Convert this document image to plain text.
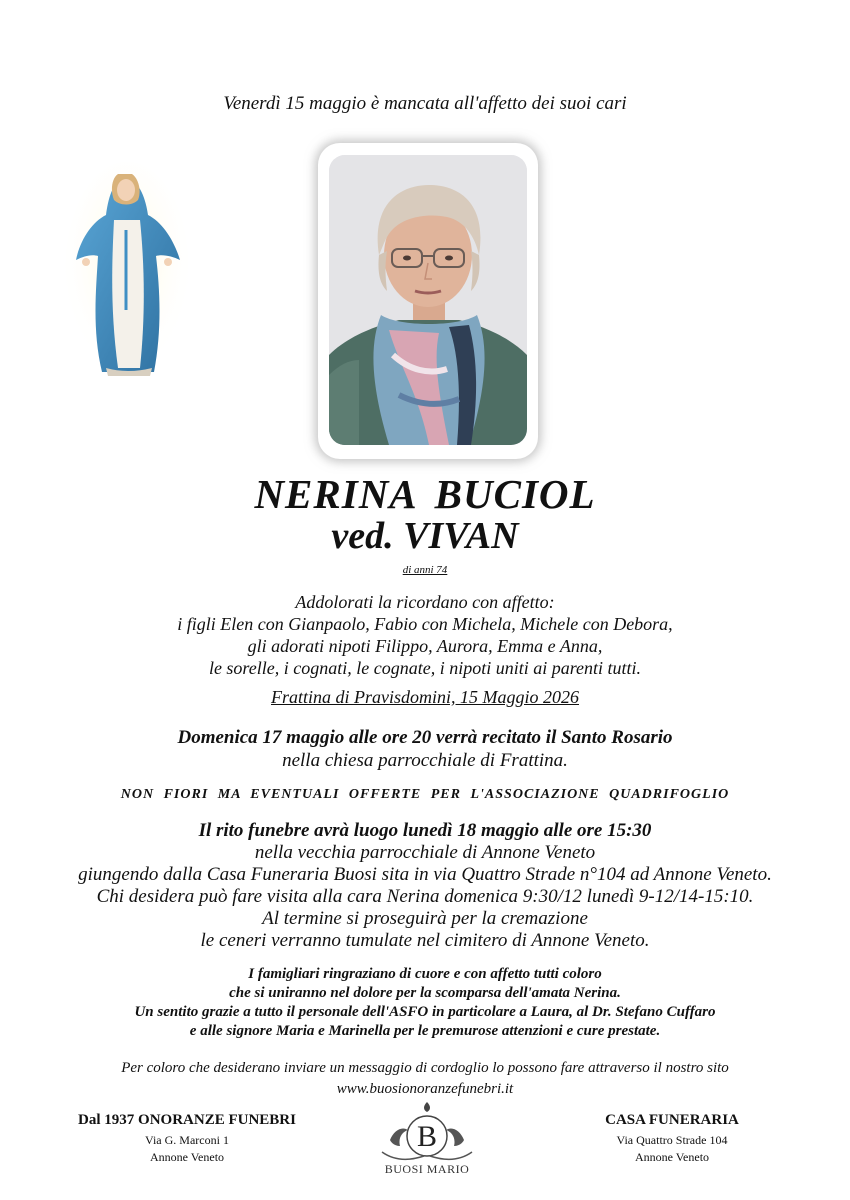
Venerdì 15 maggio è mancata all'affetto dei suoi cari
NERINA BUCIOL
ved. VIVAN
di anni 74
Addolorati la ricordano con affetto:
i figli Elen con Gianpaolo, Fabio con Michela, Michele con Debora,
gli adorati nipoti Filippo, Aurora, Emma e Anna,
le sorelle, i cognati, le cognate, i nipoti uniti ai parenti tutti.
Frattina di Pravisdomini, 15 Maggio 2026
Domenica 17 maggio alle ore 20 verrà recitato il Santo Rosario
nella chiesa parrocchiale di Frattina.
NON FIORI MA EVENTUALI OFFERTE PER L'ASSOCIAZIONE QUADRIFOGLIO
Il rito funebre avrà luogo lunedì 18 maggio alle ore 15:30
nella vecchia parrocchiale di Annone Veneto
giungendo dalla Casa Funeraria Buosi sita in via Quattro Strade n°104 ad Annone Veneto.
Chi desidera può fare visita alla cara Nerina domenica 9:30/12 lunedì 9-12/14-15:10.
Al termine si proseguirà per la cremazione
le ceneri verranno tumulate nel cimitero di Annone Veneto.
I famigliari ringraziano di cuore e con affetto tutti coloro
che si uniranno nel dolore per la scomparsa dell'amata Nerina.
Un sentito grazie a tutto il personale dell'ASFO in particolare a Laura, al Dr. Stefano Cuffaro
e alle signore Maria e Marinella per le premurose attenzioni e cure prestate.
Per coloro che desiderano inviare un messaggio di cordoglio lo possono fare attraverso il nostro sito
www.buosionoranzefunebri.it
Dal 1937 ONORANZE FUNEBRI
Via G. Marconi 1
Annone Veneto
B
BUOSI MARIO
CASA FUNERARIA
Via Quattro Strade 104
Annone Veneto
